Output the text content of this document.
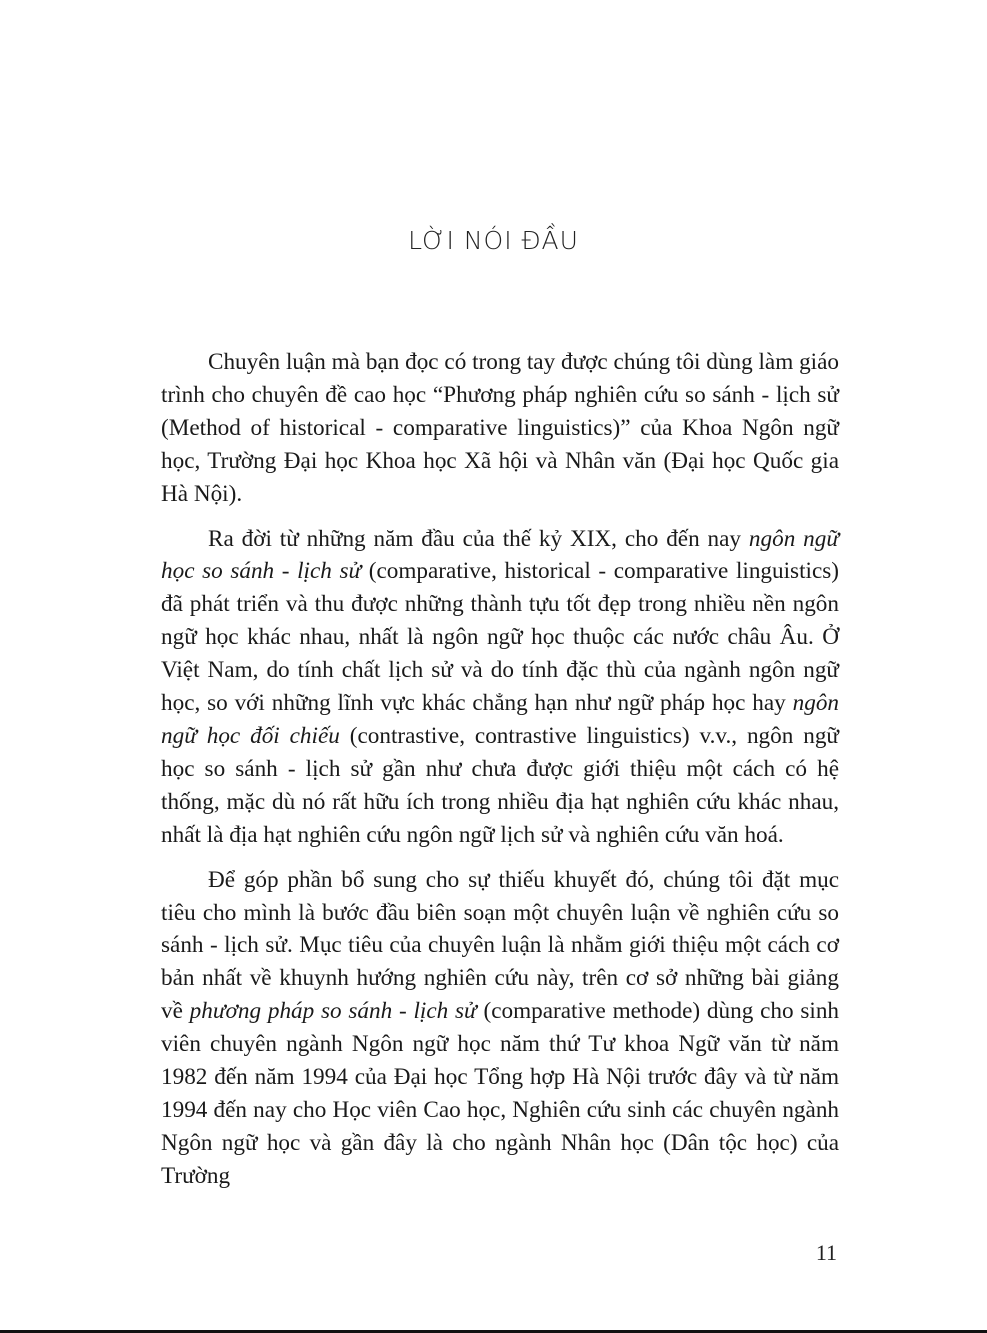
LỜI NÓI ĐẦU

Chuyên luận mà bạn đọc có trong tay được chúng tôi dùng làm giáo trình cho chuyên đề cao học “Phương pháp nghiên cứu so sánh - lịch sử (Method of historical - comparative linguistics)” của Khoa Ngôn ngữ học, Trường Đại học Khoa học Xã hội và Nhân văn (Đại học Quốc gia Hà Nội).

Ra đời từ những năm đầu của thế kỷ XIX, cho đến nay ngôn ngữ học so sánh - lịch sử (comparative, historical - comparative linguistics) đã phát triển và thu được những thành tựu tốt đẹp trong nhiều nền ngôn ngữ học khác nhau, nhất là ngôn ngữ học thuộc các nước châu Âu. Ở Việt Nam, do tính chất lịch sử và do tính đặc thù của ngành ngôn ngữ học, so với những lĩnh vực khác chẳng hạn như ngữ pháp học hay ngôn ngữ học đối chiếu (contrastive, contrastive linguistics) v.v., ngôn ngữ học so sánh - lịch sử gần như chưa được giới thiệu một cách có hệ thống, mặc dù nó rất hữu ích trong nhiều địa hạt nghiên cứu khác nhau, nhất là địa hạt nghiên cứu ngôn ngữ lịch sử và nghiên cứu văn hoá.

Để góp phần bổ sung cho sự thiếu khuyết đó, chúng tôi đặt mục tiêu cho mình là bước đầu biên soạn một chuyên luận về nghiên cứu so sánh - lịch sử. Mục tiêu của chuyên luận là nhằm giới thiệu một cách cơ bản nhất về khuynh hướng nghiên cứu này, trên cơ sở những bài giảng về phương pháp so sánh - lịch sử (comparative methode) dùng cho sinh viên chuyên ngành Ngôn ngữ học năm thứ Tư khoa Ngữ văn từ năm 1982 đến năm 1994 của Đại học Tổng hợp Hà Nội trước đây và từ năm 1994 đến nay cho Học viên Cao học, Nghiên cứu sinh các chuyên ngành Ngôn ngữ học và gần đây là cho ngành Nhân học (Dân tộc học) của Trường

11
